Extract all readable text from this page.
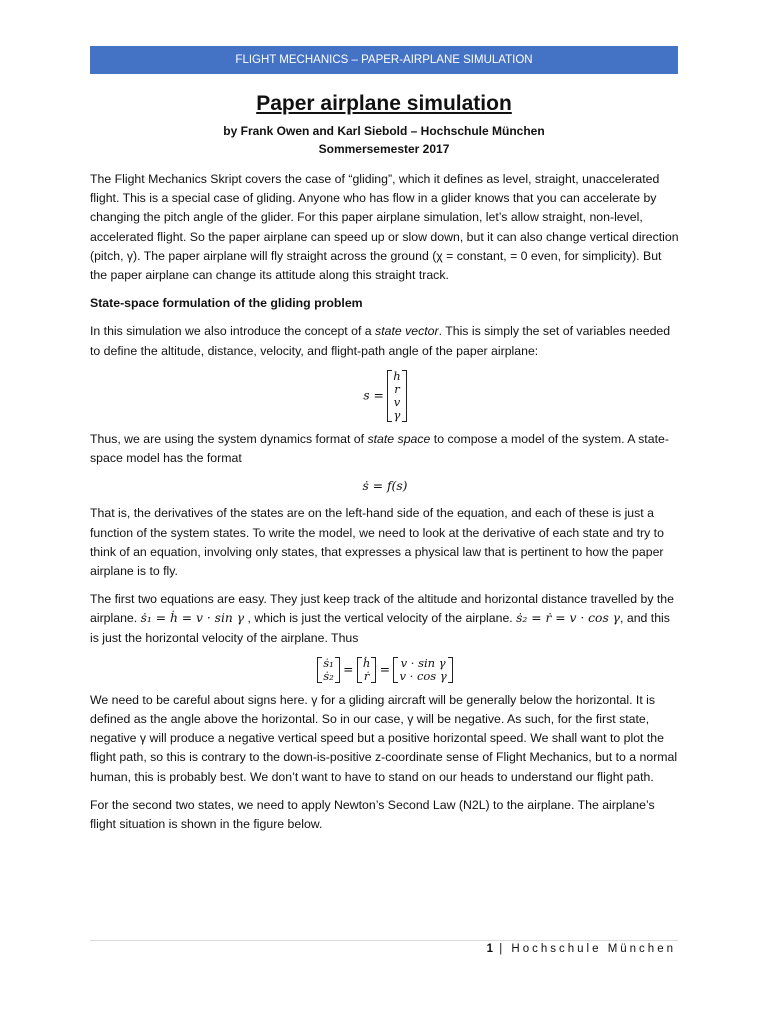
FLIGHT MECHANICS – PAPER-AIRPLANE SIMULATION
Paper airplane simulation
by Frank Owen and Karl Siebold – Hochschule München
Sommersemester 2017

The Flight Mechanics Skript covers the case of “gliding”, which it defines as level, straight, unaccelerated flight. This is a special case of gliding. Anyone who has flow in a glider knows that you can accelerate by changing the pitch angle of the glider. For this paper airplane simulation, let’s allow straight, non-level, accelerated flight. So the paper airplane can speed up or slow down, but it can also change vertical direction (pitch, γ). The paper airplane will fly straight across the ground (χ = constant, = 0 even, for simplicity). But the paper airplane can change its attitude along this straight track.

State-space formulation of the gliding problem

In this simulation we also introduce the concept of a state vector. This is simply the set of variables needed to define the altitude, distance, velocity, and flight-path angle of the paper airplane:

s =
h
r
v
γ

Thus, we are using the system dynamics format of state space to compose a model of the system. A state-space model has the format

ṡ = f(s)

That is, the derivatives of the states are on the left-hand side of the equation, and each of these is just a function of the system states. To write the model, we need to look at the derivative of each state and try to think of an equation, involving only states, that expresses a physical law that is pertinent to how the paper airplane is to fly.

The first two equations are easy. They just keep track of the altitude and horizontal distance travelled by the airplane. ṡ₁ = ḣ = v · sin γ , which is just the vertical velocity of the airplane. ṡ₂ = ṙ = v · cos γ, and this is just the horizontal velocity of the airplane. Thus

ṡ₁
ṡ₂ = ḣ
ṙ = v · sin γ
v · cos γ

We need to be careful about signs here. γ for a gliding aircraft will be generally below the horizontal. It is defined as the angle above the horizontal. So in our case, γ will be negative. As such, for the first state, negative γ will produce a negative vertical speed but a positive horizontal speed. We shall want to plot the flight path, so this is contrary to the down-is-positive z-coordinate sense of Flight Mechanics, but to a normal human, this is probably best. We don’t want to have to stand on our heads to understand our flight path.

For the second two states, we need to apply Newton’s Second Law (N2L) to the airplane. The airplane’s flight situation is shown in the figure below.

1 | Hochschule München
